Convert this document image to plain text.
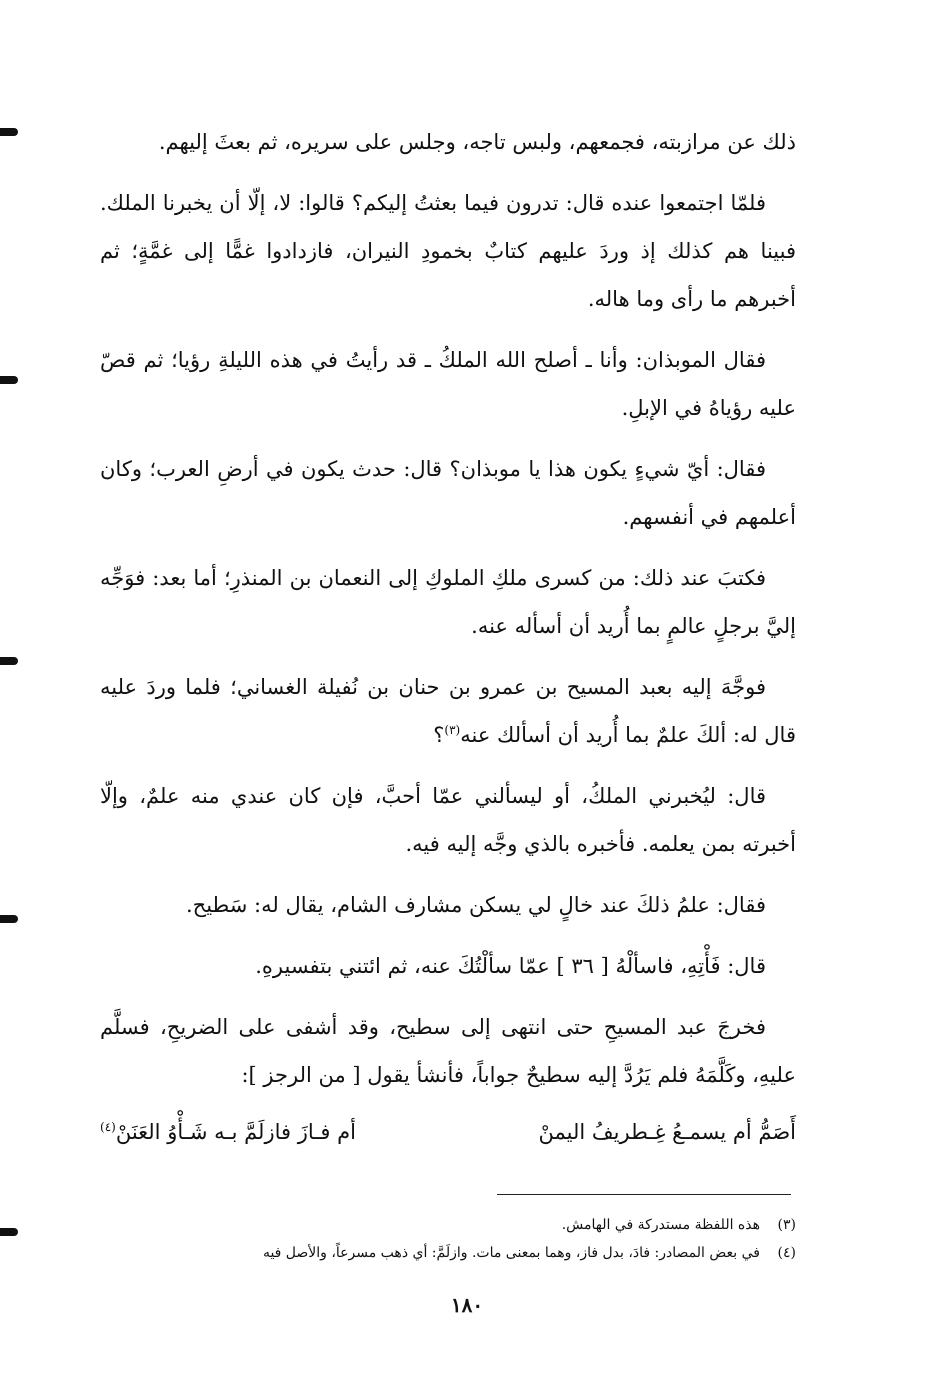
ذلك عن مرازبته، فجمعهم، ولبس تاجه، وجلس على سريره، ثم بعثَ إليهم.

فلمّا اجتمعوا عنده قال: تدرون فيما بعثتُ إليكم؟ قالوا: لا، إلّا أن يخبرنا الملك. فبينا هم كذلك إذ وردَ عليهم كتابٌ بخمودِ النيران، فازدادوا غمًّا إلى غمَّةٍ؛ ثم أخبرهم ما رأى وما هاله.

فقال الموبذان: وأنا ـ أصلح الله الملكُ ـ قد رأيتُ في هذه الليلةِ رؤيا؛ ثم قصّ عليه رؤياهُ في الإبلِ.

فقال: أيّ شيءٍ يكون هذا يا موبذان؟ قال: حدث يكون في أرضِ العرب؛ وكان أعلمهم في أنفسهم.

فكتبَ عند ذلك: من كسرى ملكِ الملوكِ إلى النعمان بن المنذرِ؛ أما بعد: فوَجِّه إليَّ برجلٍ عالمٍ بما أُريد أن أسأله عنه.

فوجَّهَ إليه بعبد المسيح بن عمرو بن حنان بن نُفيلة الغساني؛ فلما وردَ عليه قال له: ألكَ علمٌ بما أُريد أن أسألك عنه$^{(٣)}$؟

قال: ليُخبرني الملكُ، أو ليسألني عمّا أحبَّ، فإن كان عندي منه علمٌ، وإلّا أخبرته بمن يعلمه. فأخبره بالذي وجَّه إليه فيه.

فقال: علمُ ذلكَ عند خالٍ لي يسكن مشارف الشام، يقال له: سَطيح.

قال: فَأْتِهِ، فاسألْهُ [ ٣٦ ] عمّا سألْتُكَ عنه، ثم ائتني بتفسيرهِ.

فخرجَ عبد المسيحِ حتى انتهى إلى سطيح، وقد أشفى على الضريحِ، فسلَّم عليهِ، وكَلَّمَهُ فلم يَرُدَّ إليه سطيحٌ جواباً، فأنشأ يقول [ من الرجز ]:

أَصَمُّ أم يسمـعُ غِـطريفُ اليمنْ
أم فـازَ فازلَمَّ بـه شَـأْوُ العَنَنْ$^{(٤)}$
(٣)
هذه اللفظة مستدركة في الهامش.
(٤)
في بعض المصادر: فادَ، بدل فاز، وهما بمعنى مات. وازلَمَّ: أي ذهب مسرعاً، والأصل فيه
١٨٠
